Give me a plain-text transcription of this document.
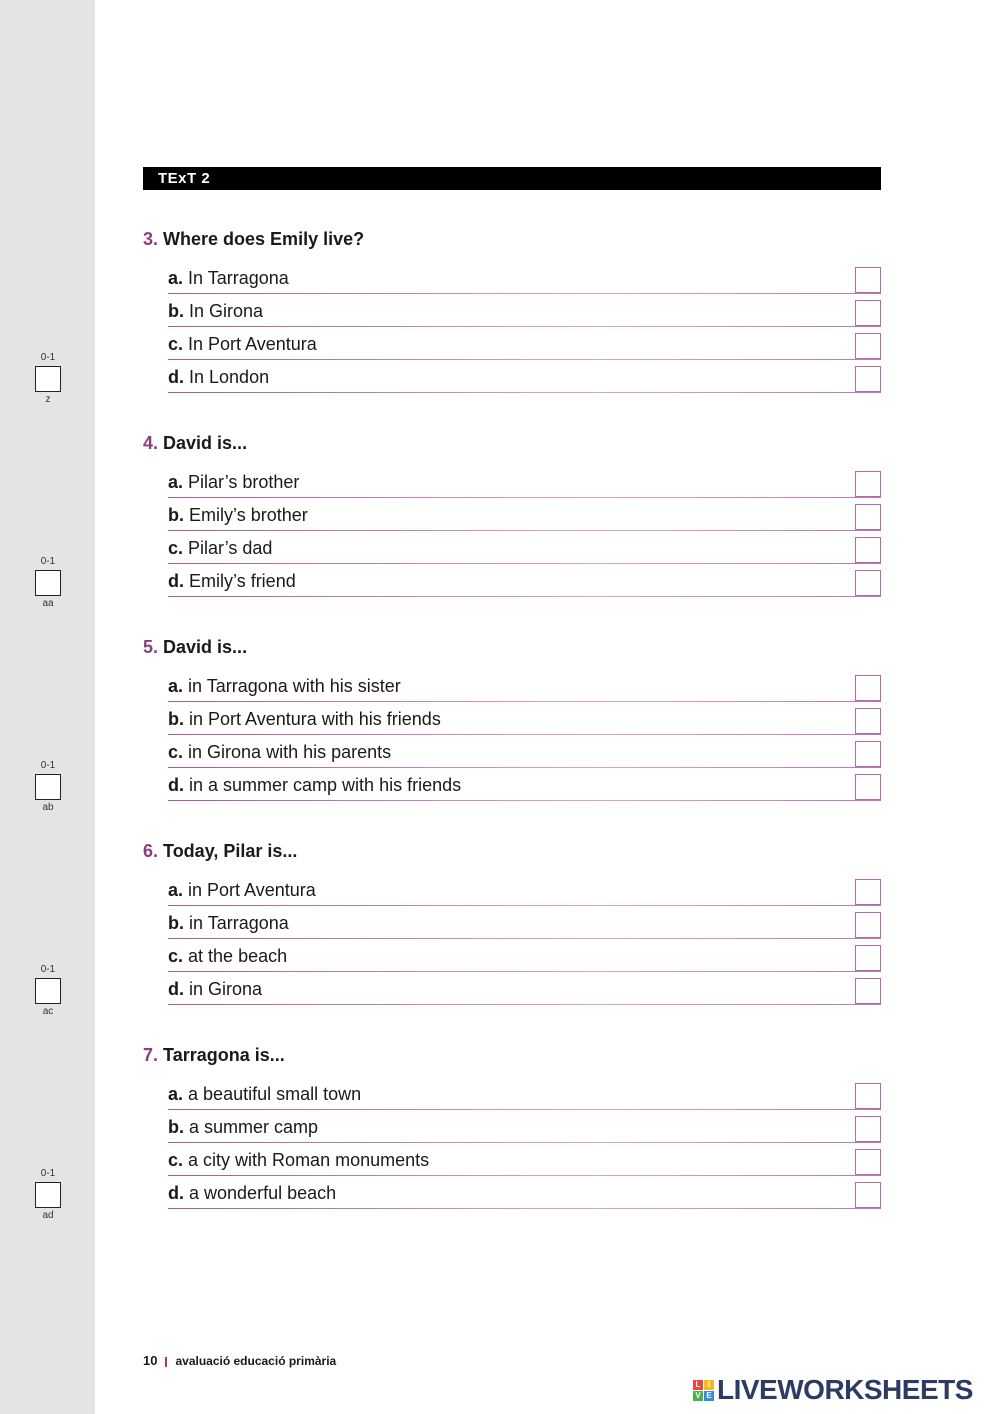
0-1
z
0-1
aa
0-1
ab
0-1
ac
0-1
ad
TExT 2
3. Where does Emily live?
a. In Tarragona
b. In Girona
c. In Port Aventura
d. In London
4. David is...
a. Pilar’s brother
b. Emily’s brother
c. Pilar’s dad
d. Emily’s friend
5. David is...
a. in Tarragona with his sister
b. in Port Aventura with his friends
c. in Girona with his parents
d. in a summer camp with his friends
6. Today, Pilar is...
a. in Port Aventura
b. in Tarragona
c. at the beach
d. in Girona
7. Tarragona is...
a. a beautiful small town
b. a summer camp
c. a city with Roman monuments
d. a wonderful beach
10 avaluació educació primària
L I
V E LIVEWORKSHEETS
